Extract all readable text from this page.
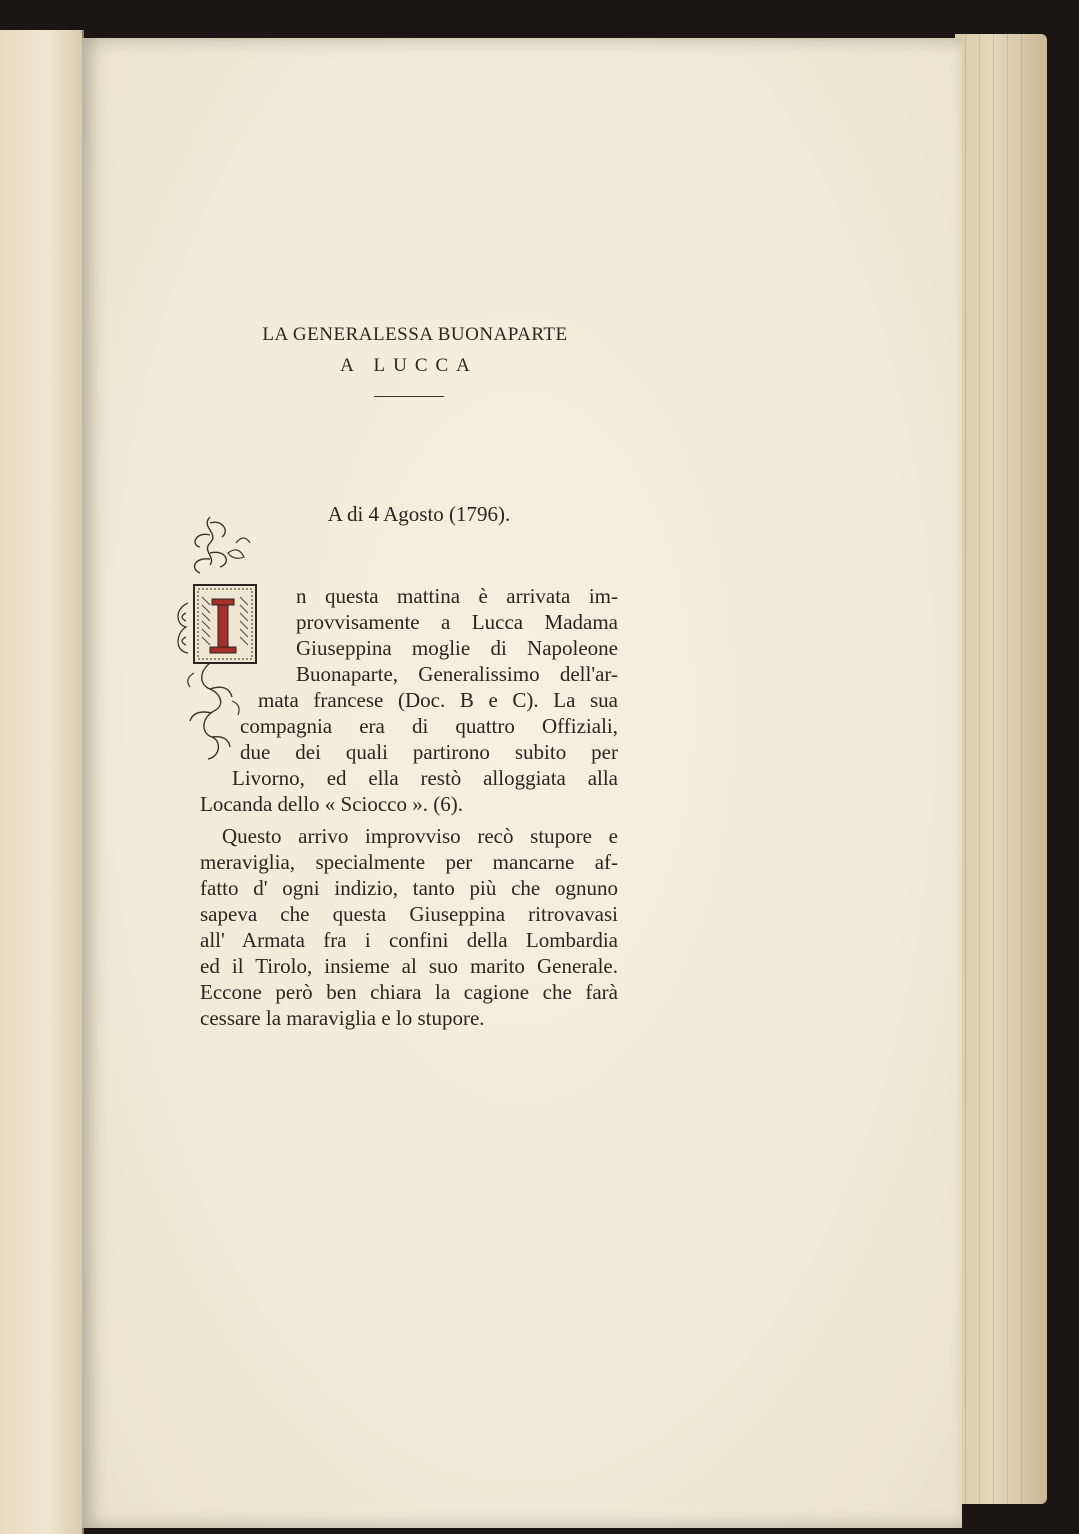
LA GENERALESSA BUONAPARTE
A LUCCA
A di 4 Agosto (1796).
n questa mattina è arrivata im-
provvisamente a Lucca Madama
Giuseppina moglie di Napoleone
Buonaparte, Generalissimo dell'ar-
mata francese (Doc. B e C). La sua
compagnia era di quattro Offiziali,
due dei quali partirono subito per
Livorno, ed ella restò alloggiata alla
Locanda dello « Sciocco ». (6).
Questo arrivo improvviso recò stupore e
meraviglia, specialmente per mancarne af-
fatto d' ogni indizio, tanto più che ognuno
sapeva che questa Giuseppina ritrovavasi
all' Armata fra i confini della Lombardia
ed il Tirolo, insieme al suo marito Generale.
Eccone però ben chiara la cagione che farà
cessare la maraviglia e lo stupore.
